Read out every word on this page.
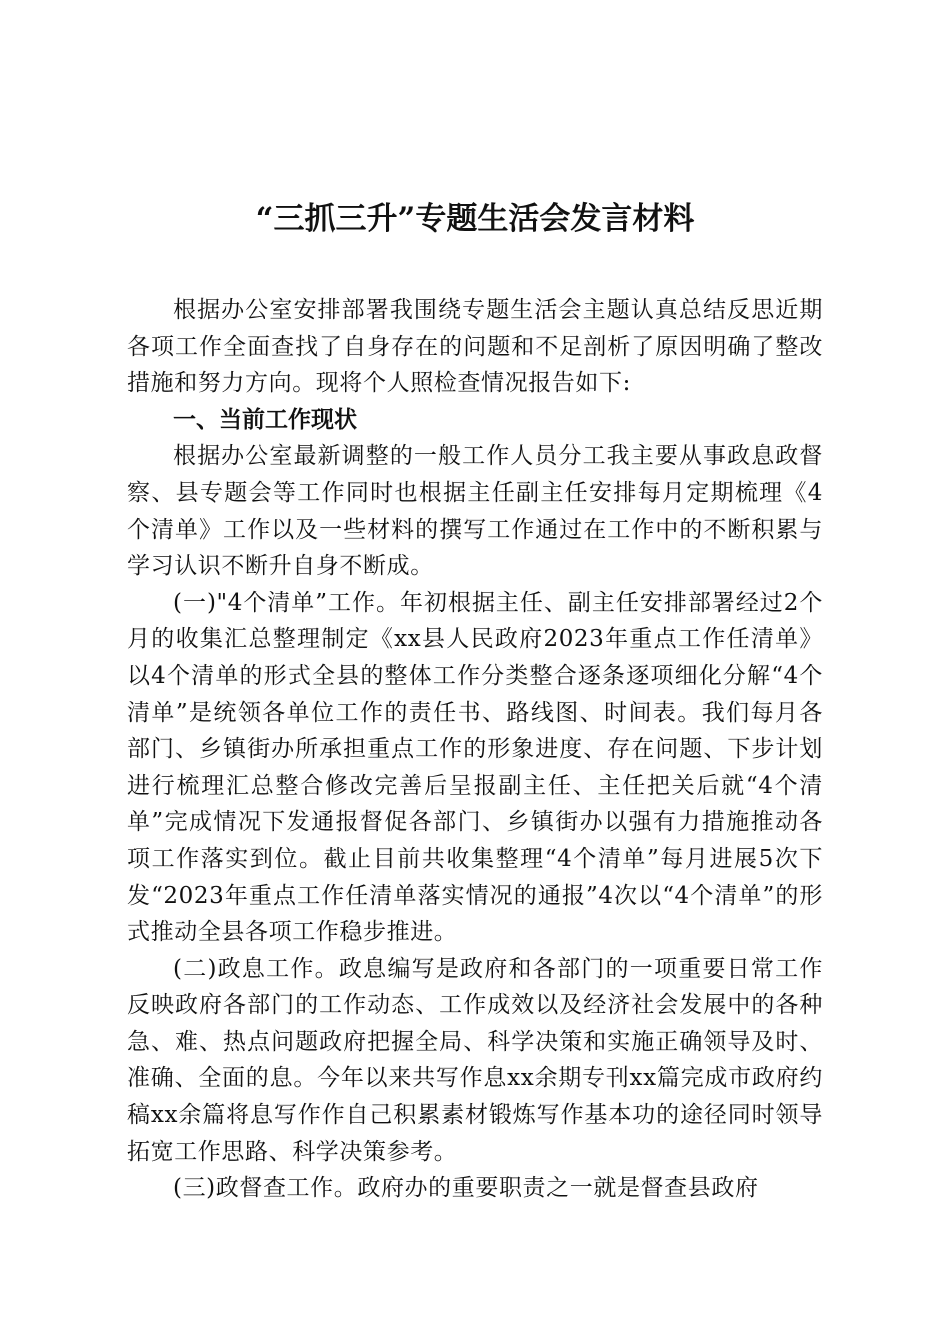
“三抓三升”专题生活会发言材料

根据办公室安排部署我围绕专题生活会主题认真总结反思近期各项工作全面查找了自身存在的问题和不足剖析了原因明确了整改措施和努力方向。现将个人照检查情况报告如下:

一、当前工作现状

根据办公室最新调整的一般工作人员分工我主要从事政息政督察、县专题会等工作同时也根据主任副主任安排每月定期梳理《4个清单》工作以及一些材料的撰写工作通过在工作中的不断积累与学习认识不断升自身不断成。

(一)"4个清单”工作。年初根据主任、副主任安排部署经过2个月的收集汇总整理制定《xx县人民政府2023年重点工作任清单》以4个清单的形式全县的整体工作分类整合逐条逐项细化分解“4个清单”是统领各单位工作的责任书、路线图、时间表。我们每月各部门、乡镇街办所承担重点工作的形象进度、存在问题、下步计划进行梳理汇总整合修改完善后呈报副主任、主任把关后就“4个清单”完成情况下发通报督促各部门、乡镇街办以强有力措施推动各项工作落实到位。截止目前共收集整理“4个清单”每月进展5次下发“2023年重点工作任清单落实情况的通报”4次以“4个清单”的形式推动全县各项工作稳步推进。

(二)政息工作。政息编写是政府和各部门的一项重要日常工作反映政府各部门的工作动态、工作成效以及经济社会发展中的各种急、难、热点问题政府把握全局、科学决策和实施正确领导及时、准确、全面的息。今年以来共写作息xx余期专刊xx篇完成市政府约稿xx余篇将息写作作自己积累素材锻炼写作基本功的途径同时领导拓宽工作思路、科学决策参考。

(三)政督查工作。政府办的重要职责之一就是督查县政府
